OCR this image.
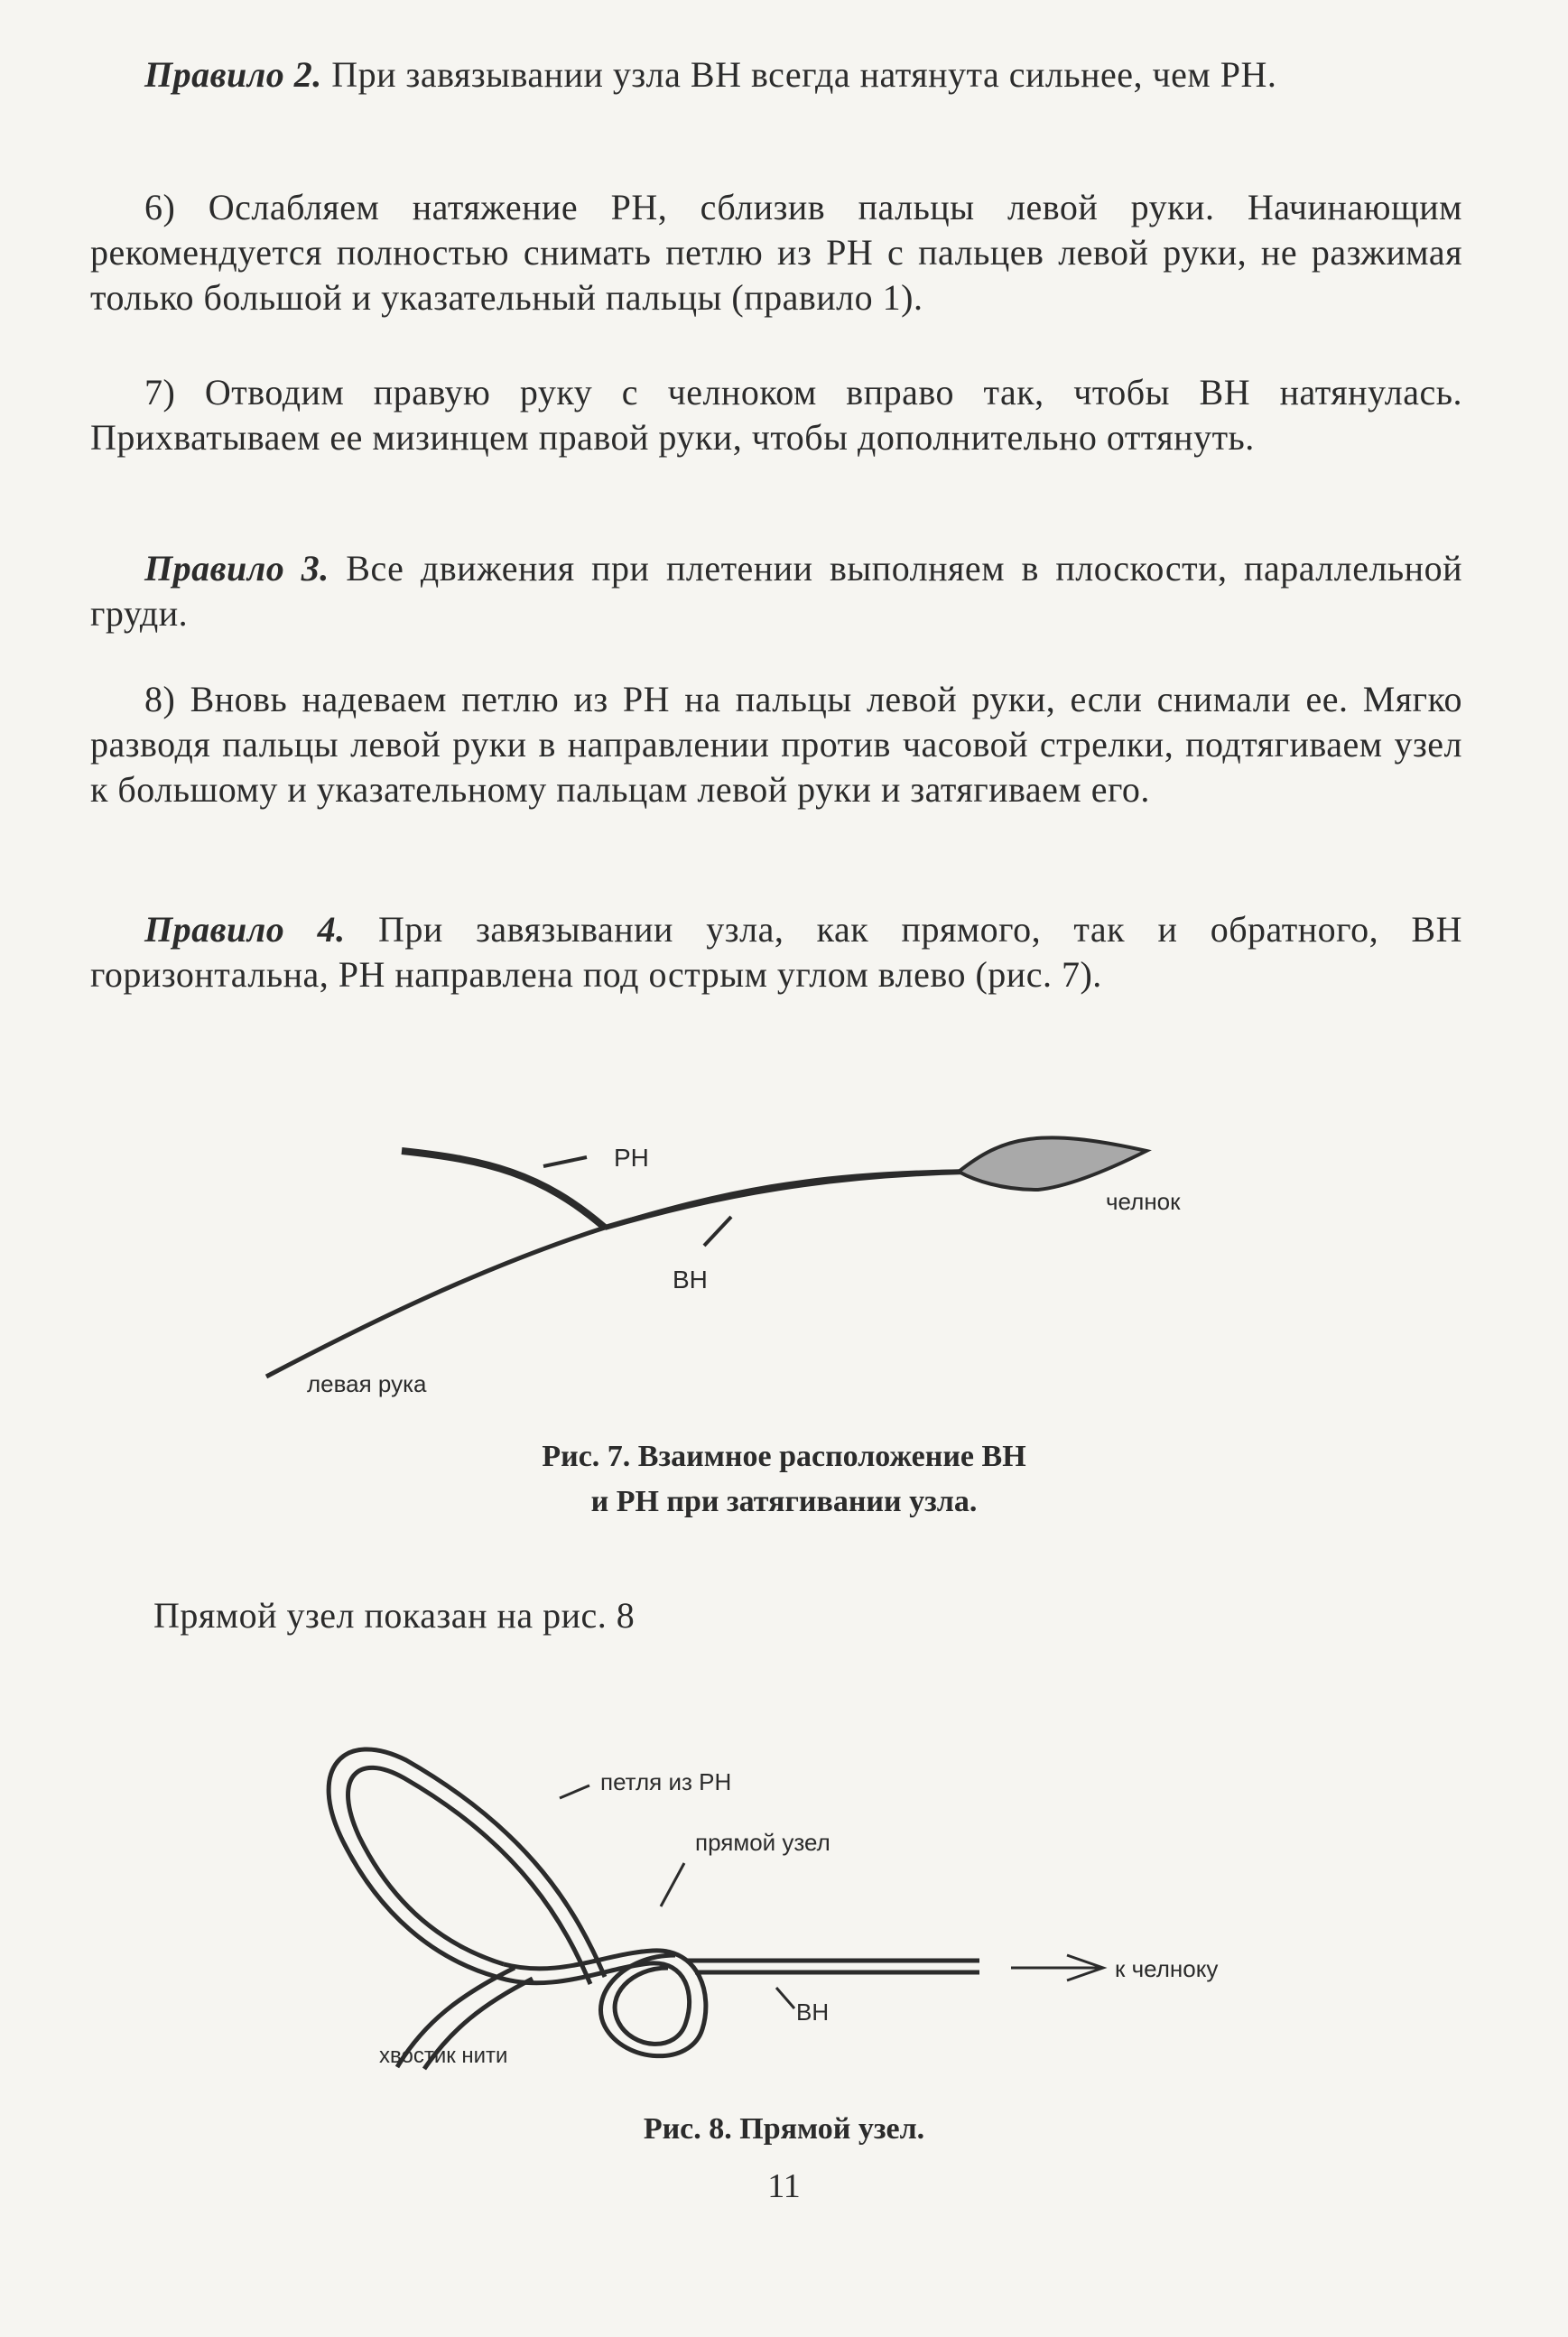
Правило 2. При завязывании узла ВН всегда натянута сильнее, чем РН.

6) Ослабляем натяжение РН, сблизив пальцы левой руки. Начинающим рекомендуется полностью снимать петлю из РН с пальцев левой руки, не разжимая только большой и указательный пальцы (правило 1).

7) Отводим правую руку с челноком вправо так, чтобы ВН натянулась. Прихватываем ее мизинцем правой руки, чтобы дополнительно оттянуть.

Правило 3. Все движения при плетении выполняем в плоскости, параллельной груди.

8) Вновь надеваем петлю из РН на пальцы левой руки, если снимали ее. Мягко разводя пальцы левой руки в направлении против часовой стрелки, подтягиваем узел к большому и указательному пальцам левой руки и затягиваем его.

Правило 4. При завязывании узла, как прямого, так и обратного, ВН горизонтальна, РН направлена под острым углом влево (рис. 7).

РН
ВН
челнок
левая рука

Рис. 7. Взаимное расположение ВН

и РН при затягивании узла.

Прямой узел показан на рис. 8

к челноку
петля из РН
прямой узел
ВН
хвостик нити

Рис. 8. Прямой узел.

11
